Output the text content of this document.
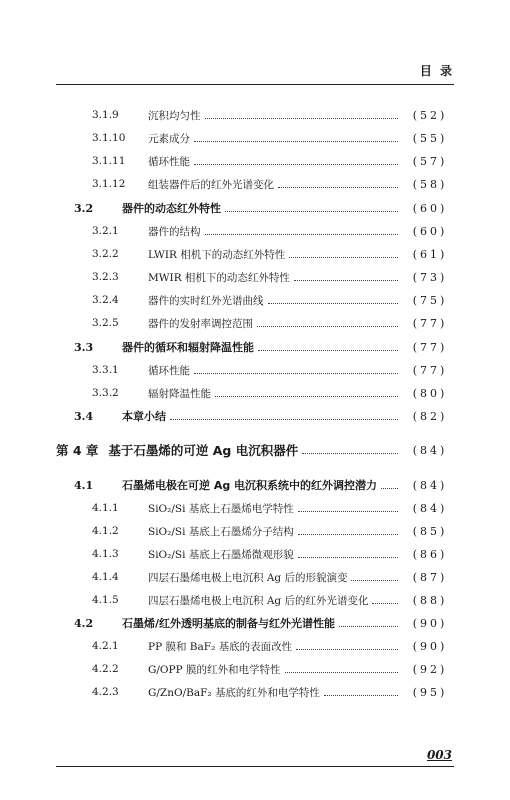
目 录
3.1.9	沉积均匀性	(52)
3.1.10	元素成分	(55)
3.1.11	循环性能	(57)
3.1.12	组装器件后的红外光谱变化	(58)
3.2	器件的动态红外特性	(60)
3.2.1	器件的结构	(60)
3.2.2	LWIR 相机下的动态红外特性	(61)
3.2.3	MWIR 相机下的动态红外特性	(73)
3.2.4	器件的实时红外光谱曲线	(75)
3.2.5	器件的发射率调控范围	(77)
3.3	器件的循环和辐射降温性能	(77)
3.3.1	循环性能	(77)
3.3.2	辐射降温性能	(80)
3.4	本章小结	(82)
第 4 章 基于石墨烯的可逆 Ag 电沉积器件	(84)
4.1	石墨烯电极在可逆 Ag 电沉积系统中的红外调控潜力	(84)
4.1.1	SiO₂/Si 基底上石墨烯电学特性	(84)
4.1.2	SiO₂/Si 基底上石墨烯分子结构	(85)
4.1.3	SiO₂/Si 基底上石墨烯微观形貌	(86)
4.1.4	四层石墨烯电极上电沉积 Ag 后的形貌演变	(87)
4.1.5	四层石墨烯电极上电沉积 Ag 后的红外光谱变化	(88)
4.2	石墨烯/红外透明基底的制备与红外光谱性能	(90)
4.2.1	PP 膜和 BaF₂ 基底的表面改性	(90)
4.2.2	G/OPP 膜的红外和电学特性	(92)
4.2.3	G/ZnO/BaF₂ 基底的红外和电学特性	(95)
003
